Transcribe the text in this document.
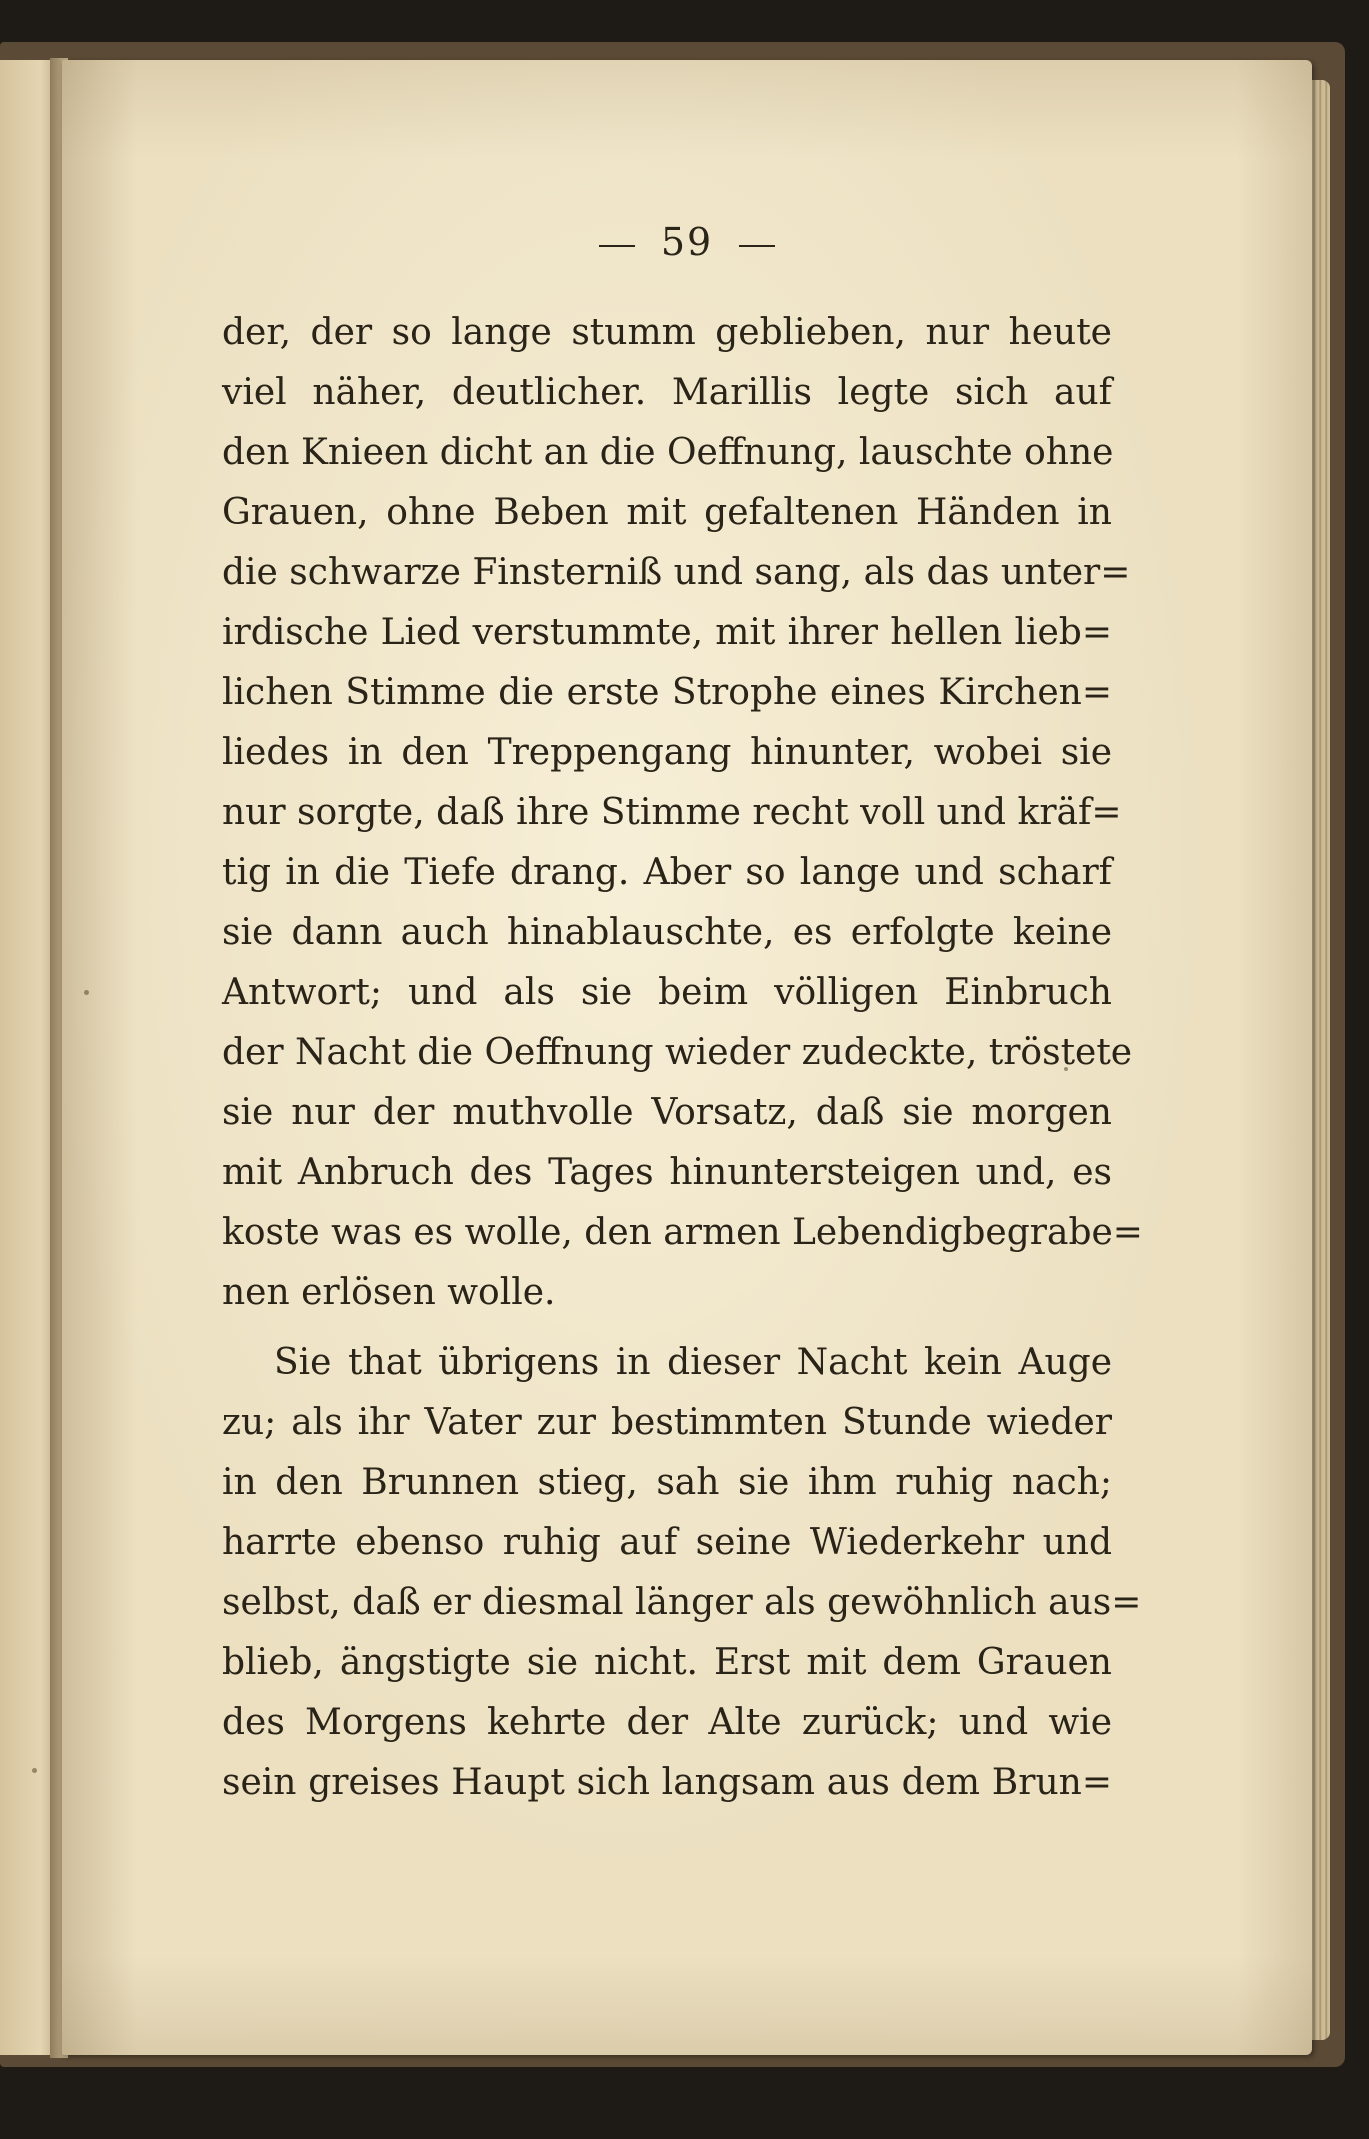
59
der, der so lange stumm geblieben, nur heute
viel näher, deutlicher. Marillis legte sich auf
den Knieen dicht an die Oeffnung, lauschte ohne
Grauen, ohne Beben mit gefaltenen Händen in
die schwarze Finsterniß und sang, als das unter=
irdische Lied verstummte, mit ihrer hellen lieb=
lichen Stimme die erste Strophe eines Kirchen=
liedes in den Treppengang hinunter, wobei sie
nur sorgte, daß ihre Stimme recht voll und kräf=
tig in die Tiefe drang. Aber so lange und scharf
sie dann auch hinablauschte, es erfolgte keine
Antwort; und als sie beim völligen Einbruch
der Nacht die Oeffnung wieder zudeckte, tröstete
sie nur der muthvolle Vorsatz, daß sie morgen
mit Anbruch des Tages hinuntersteigen und, es
koste was es wolle, den armen Lebendigbegrabe=
nen erlösen wolle.
Sie that übrigens in dieser Nacht kein Auge
zu; als ihr Vater zur bestimmten Stunde wieder
in den Brunnen stieg, sah sie ihm ruhig nach;
harrte ebenso ruhig auf seine Wiederkehr und
selbst, daß er diesmal länger als gewöhnlich aus=
blieb, ängstigte sie nicht. Erst mit dem Grauen
des Morgens kehrte der Alte zurück; und wie
sein greises Haupt sich langsam aus dem Brun=
